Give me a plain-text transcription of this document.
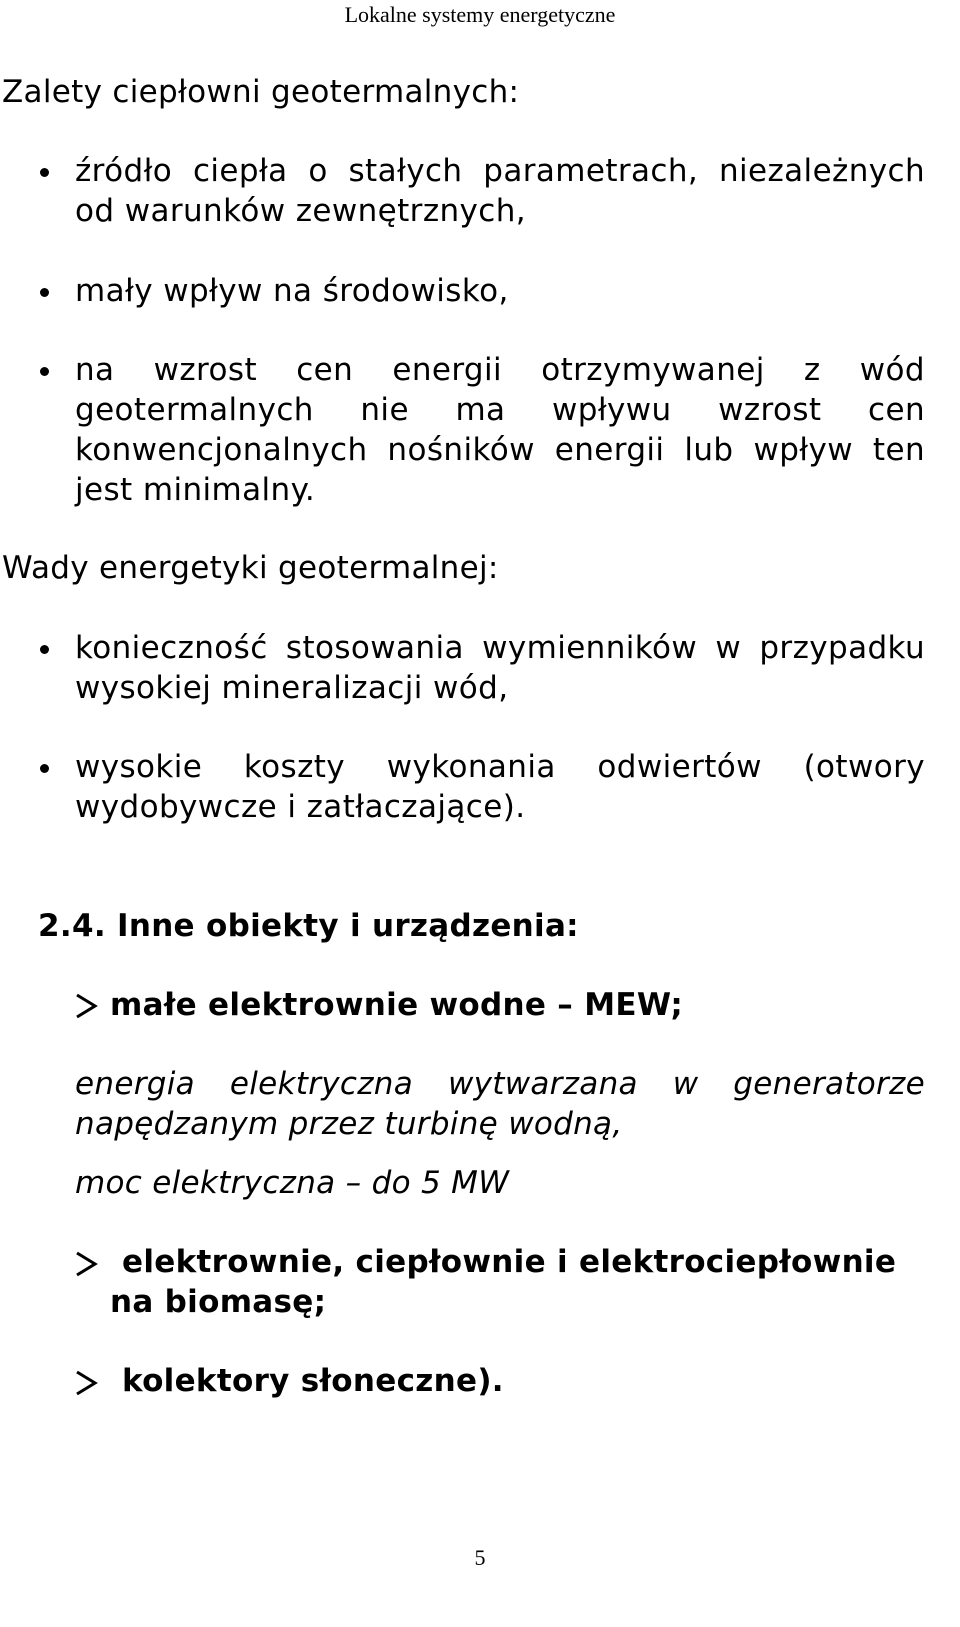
Lokalne systemy energetyczne
Zalety ciepłowni geotermalnych:
źródło ciepła o stałych parametrach, niezależnych
od warunków zewnętrznych,
mały wpływ na środowisko,
na wzrost cen energii otrzymywanej z wód
geotermalnych nie ma wpływu wzrost cen
konwencjonalnych nośników energii lub wpływ ten
jest minimalny.
Wady energetyki geotermalnej:
konieczność stosowania wymienników w przypadku
wysokiej mineralizacji wód,
wysokie koszty wykonania odwiertów (otwory
wydobywcze i zatłaczające).
2.4. Inne obiekty i urządzenia:
małe elektrownie wodne – MEW;
energia elektryczna wytwarzana w generatorze
napędzanym przez turbinę wodną,
moc elektryczna – do 5 MW
elektrownie, ciepłownie i elektrociepłownie
na biomasę;
kolektory słoneczne).
5
